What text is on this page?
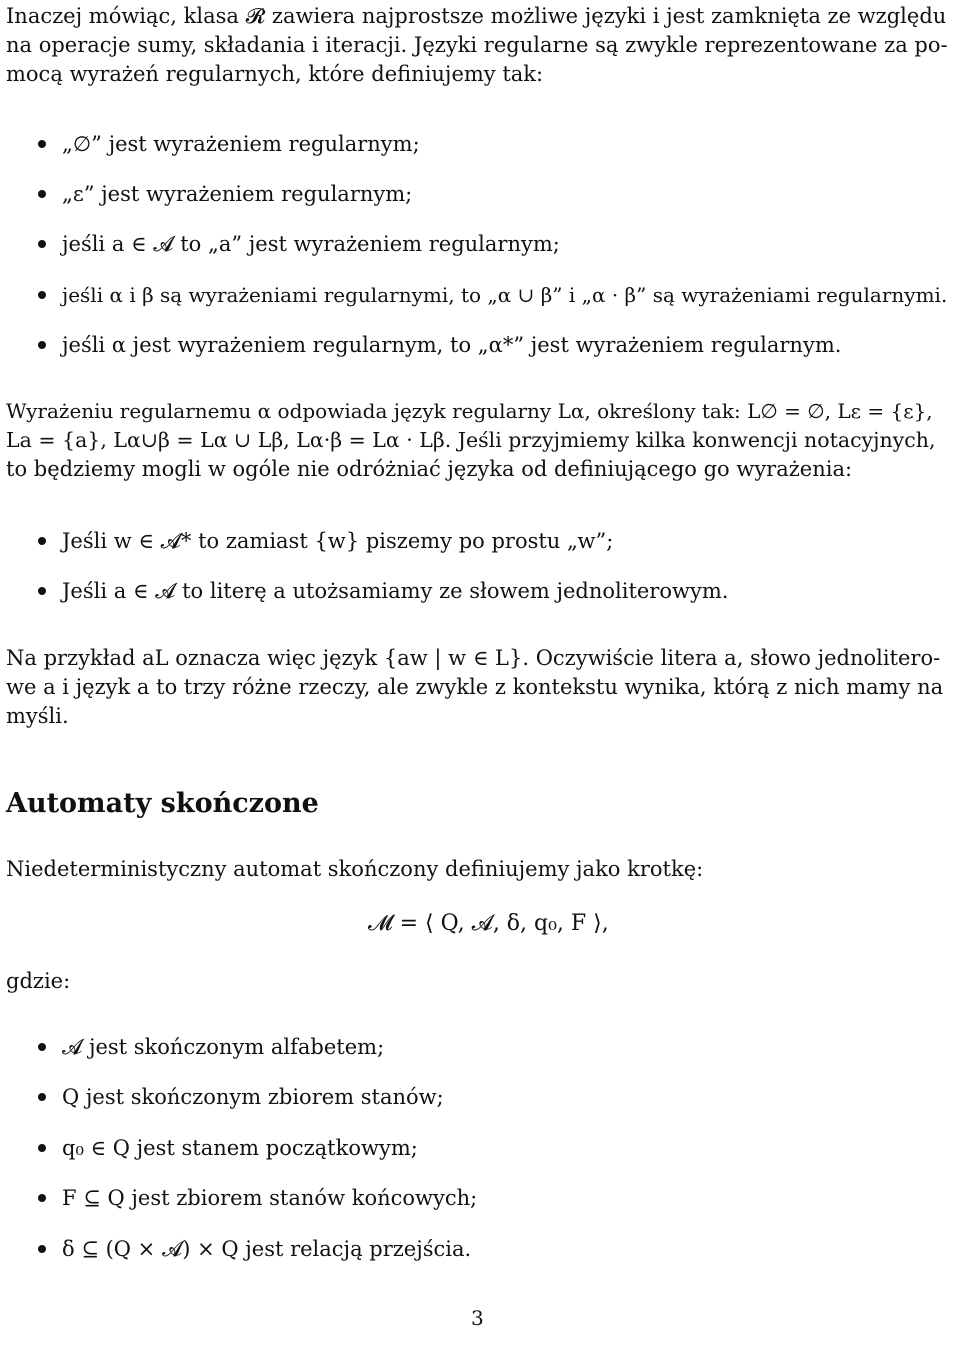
Inaczej mówiąc, klasa 𝓡 zawiera najprostsze możliwe języki i jest zamknięta ze względu
na operacje sumy, składania i iteracji. Języki regularne są zwykle reprezentowane za po-
mocą wyrażeń regularnych, które definiujemy tak:
„∅” jest wyrażeniem regularnym;
„ε” jest wyrażeniem regularnym;
jeśli a ∈ 𝓐 to „a” jest wyrażeniem regularnym;
jeśli α i β są wyrażeniami regularnymi, to „α ∪ β” i „α · β” są wyrażeniami regularnymi.
jeśli α jest wyrażeniem regularnym, to „α*” jest wyrażeniem regularnym.
Wyrażeniu regularnemu α odpowiada język regularny Lα, określony tak: L∅ = ∅, Lε = {ε},
La = {a}, Lα∪β = Lα ∪ Lβ, Lα·β = Lα · Lβ. Jeśli przyjmiemy kilka konwencji notacyjnych,
to będziemy mogli w ogóle nie odróżniać języka od definiującego go wyrażenia:
Jeśli w ∈ 𝓐* to zamiast {w} piszemy po prostu „w”;
Jeśli a ∈ 𝓐 to literę a utożsamiamy ze słowem jednoliterowym.
Na przykład aL oznacza więc język {aw | w ∈ L}. Oczywiście litera a, słowo jednolitero-
we a i język a to trzy różne rzeczy, ale zwykle z kontekstu wynika, którą z nich mamy na
myśli.
Automaty skończone
Niedeterministyczny automat skończony definiujemy jako krotkę:
𝓜 = ⟨ Q, 𝓐, δ, q₀, F ⟩,
gdzie:
𝓐 jest skończonym alfabetem;
Q jest skończonym zbiorem stanów;
q₀ ∈ Q jest stanem początkowym;
F ⊆ Q jest zbiorem stanów końcowych;
δ ⊆ (Q × 𝓐) × Q jest relacją przejścia.
3
